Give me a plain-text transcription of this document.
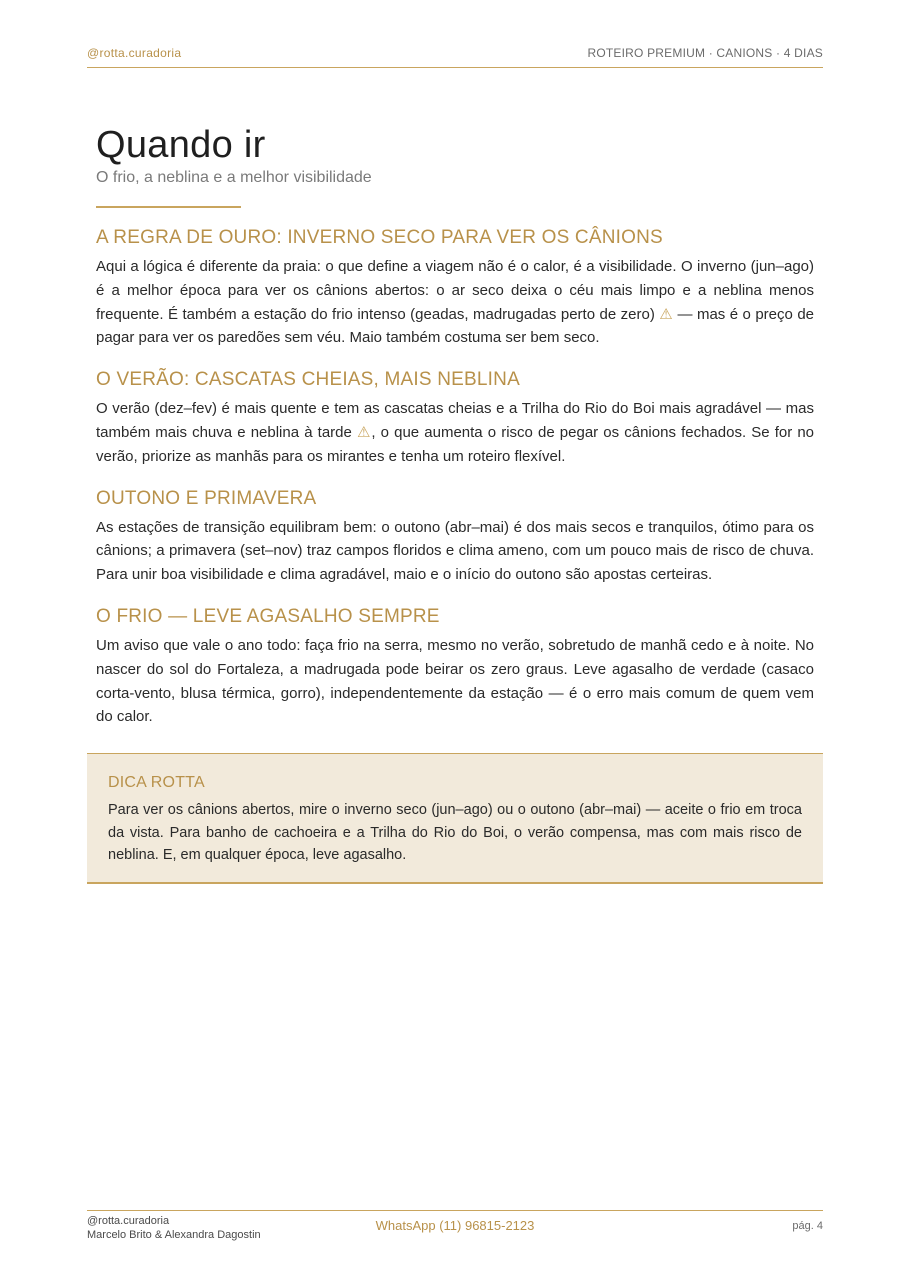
@rotta.curadoria	ROTEIRO PREMIUM · CANIONS · 4 DIAS
Quando ir

O frio, a neblina e a melhor visibilidade

A REGRA DE OURO: INVERNO SECO PARA VER OS CÂNIONS

Aqui a lógica é diferente da praia: o que define a viagem não é o calor, é a visibilidade. O inverno (jun–ago) é a melhor época para ver os cânions abertos: o ar seco deixa o céu mais limpo e a neblina menos frequente. É também a estação do frio intenso (geadas, madrugadas perto de zero) ⚠ — mas é o preço de pagar para ver os paredões sem véu. Maio também costuma ser bem seco.

O VERÃO: CASCATAS CHEIAS, MAIS NEBLINA

O verão (dez–fev) é mais quente e tem as cascatas cheias e a Trilha do Rio do Boi mais agradável — mas também mais chuva e neblina à tarde ⚠, o que aumenta o risco de pegar os cânions fechados. Se for no verão, priorize as manhãs para os mirantes e tenha um roteiro flexível.

OUTONO E PRIMAVERA

As estações de transição equilibram bem: o outono (abr–mai) é dos mais secos e tranquilos, ótimo para os cânions; a primavera (set–nov) traz campos floridos e clima ameno, com um pouco mais de risco de chuva. Para unir boa visibilidade e clima agradável, maio e o início do outono são apostas certeiras.

O FRIO — LEVE AGASALHO SEMPRE

Um aviso que vale o ano todo: faça frio na serra, mesmo no verão, sobretudo de manhã cedo e à noite. No nascer do sol do Fortaleza, a madrugada pode beirar os zero graus. Leve agasalho de verdade (casaco corta-vento, blusa térmica, gorro), independentemente da estação — é o erro mais comum de quem vem do calor.

DICA ROTTA

Para ver os cânions abertos, mire o inverno seco (jun–ago) ou o outono (abr–mai) — aceite o frio em troca da vista. Para banho de cachoeira e a Trilha do Rio do Boi, o verão compensa, mas com mais risco de neblina. E, em qualquer época, leve agasalho.

@rotta.curadoria
Marcelo Brito & Alexandra Dagostin
WhatsApp (11) 96815-2123	pág. 4
